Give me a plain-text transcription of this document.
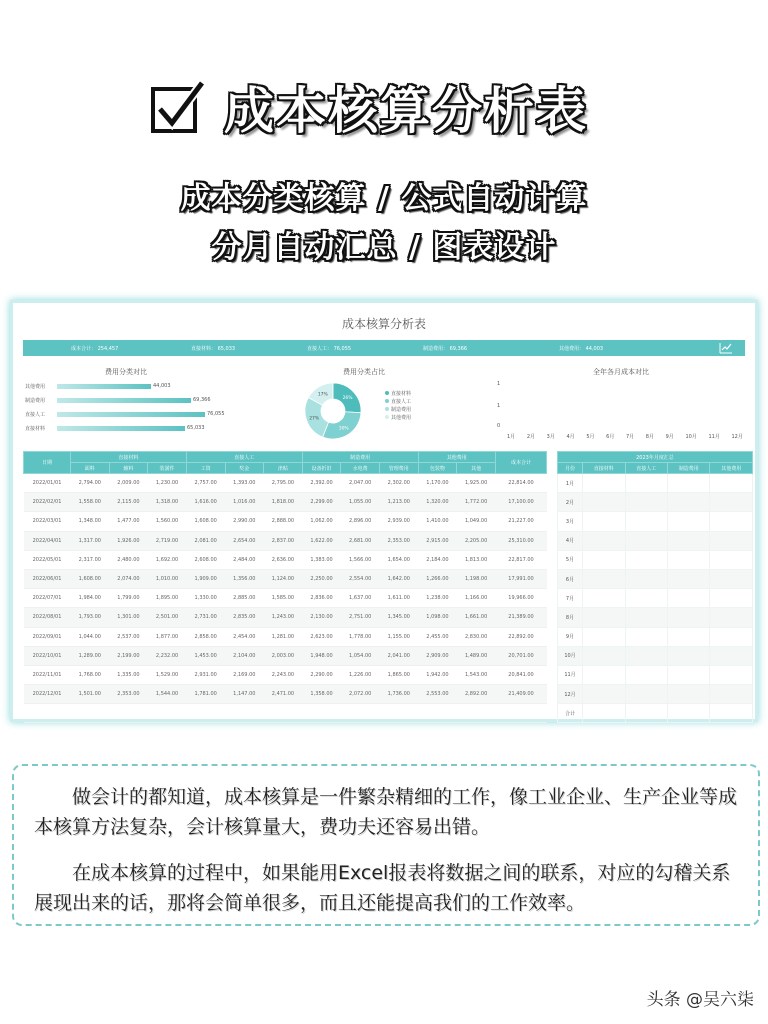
成本核算分析表
成本分类核算 / 公式自动计算
分月自动汇总 / 图表设计
成本核算分析表
成本合计： 254,457	直接材料： 65,033	直接人工： 76,055	制造费用： 69,366	其他费用： 44,003
费用分类对比
其他费用	44,003
制造费用	69,366
直接人工	76,055
直接材料	65,033
费用分类占比
26%
30%
27%
17%	直接材料
直接人工
制造费用
其他费用
全年各月成本对比
1
1
0
1月 2月 3月 4月 5月 6月 7月 8月 9月 10月 11月 12月
日期	直接材料			直接人工			制造费用			其他费用		成本合计
	面料	辅料	装潢件	工资	奖金	津贴	设备折旧	水电费	管理费用	包装物	其他	
2022/01/01	2,794.00	2,009.00	1,230.00	2,757.00	1,393.00	2,795.00	2,392.00	2,047.00	2,302.00	1,170.00	1,925.00	22,814.00
2022/02/01	1,558.00	2,115.00	1,318.00	1,616.00	1,016.00	1,818.00	2,299.00	1,055.00	1,213.00	1,320.00	1,772.00	17,100.00
2022/03/01	1,348.00	1,477.00	1,560.00	1,608.00	2,990.00	2,888.00	1,062.00	2,896.00	2,939.00	1,410.00	1,049.00	21,227.00
2022/04/01	1,317.00	1,926.00	2,719.00	2,081.00	2,654.00	2,837.00	1,622.00	2,681.00	2,353.00	2,915.00	2,205.00	25,310.00
2022/05/01	2,317.00	2,480.00	1,692.00	2,608.00	2,484.00	2,636.00	1,383.00	1,566.00	1,654.00	2,184.00	1,813.00	22,817.00
2022/06/01	1,608.00	2,074.00	1,010.00	1,909.00	1,356.00	1,124.00	2,250.00	2,554.00	1,642.00	1,266.00	1,198.00	17,991.00
2022/07/01	1,984.00	1,799.00	1,895.00	1,330.00	2,885.00	1,585.00	2,836.00	1,637.00	1,611.00	1,238.00	1,166.00	19,966.00
2022/08/01	1,793.00	1,301.00	2,501.00	2,731.00	2,835.00	1,243.00	2,130.00	2,751.00	1,345.00	1,098.00	1,661.00	21,389.00
2022/09/01	1,044.00	2,537.00	1,877.00	2,858.00	2,454.00	1,281.00	2,623.00	1,778.00	1,155.00	2,455.00	2,830.00	22,892.00
2022/10/01	1,289.00	2,199.00	2,232.00	1,453.00	2,104.00	2,003.00	1,948.00	1,054.00	2,041.00	2,909.00	1,489.00	20,701.00
2022/11/01	1,768.00	1,335.00	1,529.00	2,931.00	2,169.00	2,243.00	2,290.00	1,226.00	1,865.00	1,942.00	1,543.00	20,841.00
2022/12/01	1,501.00	2,353.00	1,544.00	1,781.00	1,147.00	2,471.00	1,358.00	2,072.00	1,736.00	2,553.00	2,892.00	21,409.00

2023年月度汇总				
月份	直接材料	直接人工	制造费用	其他费用
1月				
2月				
3月				
4月				
5月				
6月				
7月				
8月				
9月				
10月				
11月				
12月				
合计				

　　做会计的都知道，成本核算是一件繁杂精细的工作，像工业企业、生产企业等成本核算方法复杂，会计核算量大，费功夫还容易出错。

　　在成本核算的过程中，如果能用Excel报表将数据之间的联系，对应的勾稽关系展现出来的话，那将会简单很多，而且还能提高我们的工作效率。

头条 @吴六柒
